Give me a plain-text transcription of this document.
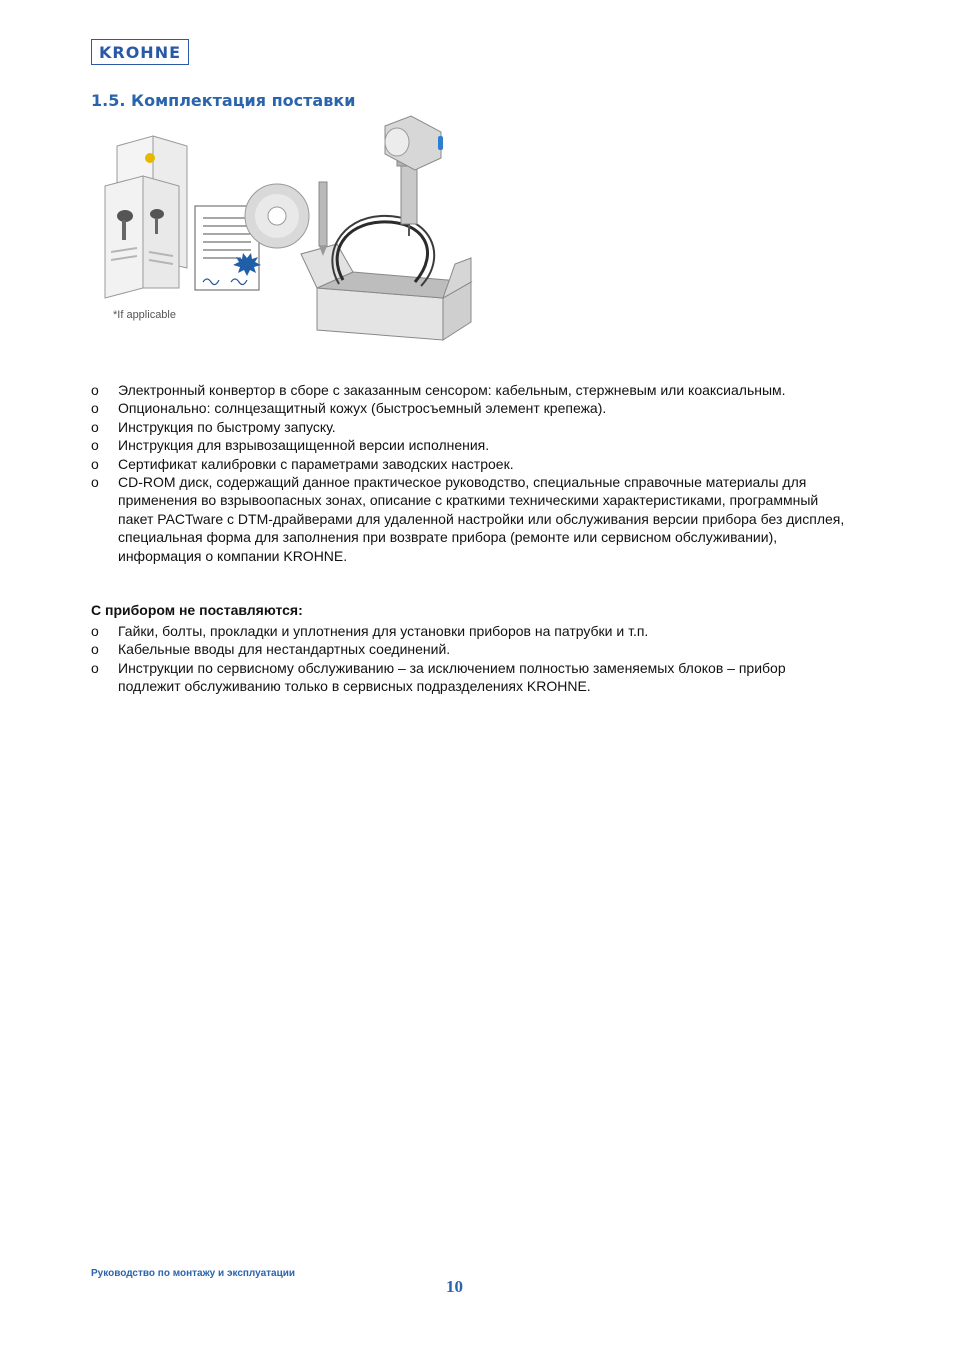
KROHNE
1.5. Комплектация поставки
*If applicable
o Электронный конвертор в сборе с заказанным сенсором: кабельным, стержневым или коаксиальным.
o Опционально: солнцезащитный кожух (быстросъемный элемент крепежа).
o Инструкция по быстрому запуску.
o Инструкция для взрывозащищенной версии исполнения.
o Сертификат калибровки с параметрами заводских настроек.
o CD-ROM диск, содержащий данное практическое руководство, специальные справочные материалы для применения во взрывоопасных зонах, описание с краткими техническими характеристиками, программный пакет PACTware с DTM-драйверами для удаленной настройки или обслуживания версии прибора без дисплея, специальная форма для заполнения при возврате прибора (ремонте или сервисном обслуживании), информация о компании KROHNE.
С прибором не поставляются:
o Гайки, болты, прокладки и уплотнения для установки приборов на патрубки и т.п.
o Кабельные вводы для нестандартных соединений.
o Инструкции по сервисному обслуживанию – за исключением полностью заменяемых блоков – прибор подлежит обслуживанию только в сервисных подразделениях KROHNE.
Руководство по монтажу и эксплуатации
10
